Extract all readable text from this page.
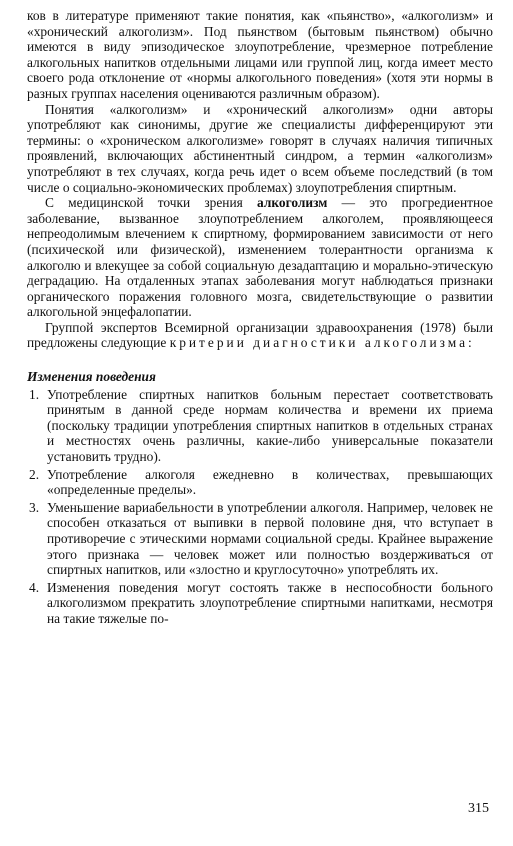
ков в литературе применяют такие понятия, как «пьянство», «алкоголизм» и «хронический алкоголизм». Под пьянством (бытовым пьянством) обычно имеются в виду эпизодическое злоупотребление, чрезмерное потребление алкогольных напитков отдельными лицами или группой лиц, когда имеет место своего рода отклонение от «нормы алкогольного поведения» (хотя эти нормы в разных группах населения оцениваются различным образом).

Понятия «алкоголизм» и «хронический алкоголизм» одни авторы употребляют как синонимы, другие же специалисты дифференцируют эти термины: о «хроническом алкоголизме» говорят в случаях наличия типичных проявлений, включающих абстинентный синдром, а термин «алкоголизм» употребляют в тех случаях, когда речь идет о всем объеме последствий (в том числе о социально-экономических проблемах) злоупотребления спиртным.

С медицинской точки зрения алкоголизм — это прогредиентное заболевание, вызванное злоупотреблением алкоголем, проявляющееся непреодолимым влечением к спиртному, формированием зависимости от него (психической или физической), изменением толерантности организма к алкоголю и влекущее за собой социальную дезадаптацию и морально-этическую деградацию. На отдаленных этапах заболевания могут наблюдаться признаки органического поражения головного мозга, свидетельствующие о развитии алкогольной энцефалопатии.

Группой экспертов Всемирной организации здравоохранения (1978) были предложены следующие критерии диагностики алкоголизма:

Изменения поведения
1. Употребление спиртных напитков больным перестает соответствовать принятым в данной среде нормам количества и времени их приема (поскольку традиции употребления спиртных напитков в отдельных странах и местностях очень различны, какие-либо универсальные показатели установить трудно).
2. Употребление алкоголя ежедневно в количествах, превышающих «определенные пределы».
3. Уменьшение вариабельности в употреблении алкоголя. Например, человек не способен отказаться от выпивки в первой половине дня, что вступает в противоречие с этическими нормами социальной среды. Крайнее выражение этого признака — человек может или полностью воздерживаться от спиртных напитков, или «злостно и круглосуточно» употреблять их.
4. Изменения поведения могут состоять также в неспособности больного алкоголизмом прекратить злоупотребление спиртными напитками, несмотря на такие тяжелые по-
315
